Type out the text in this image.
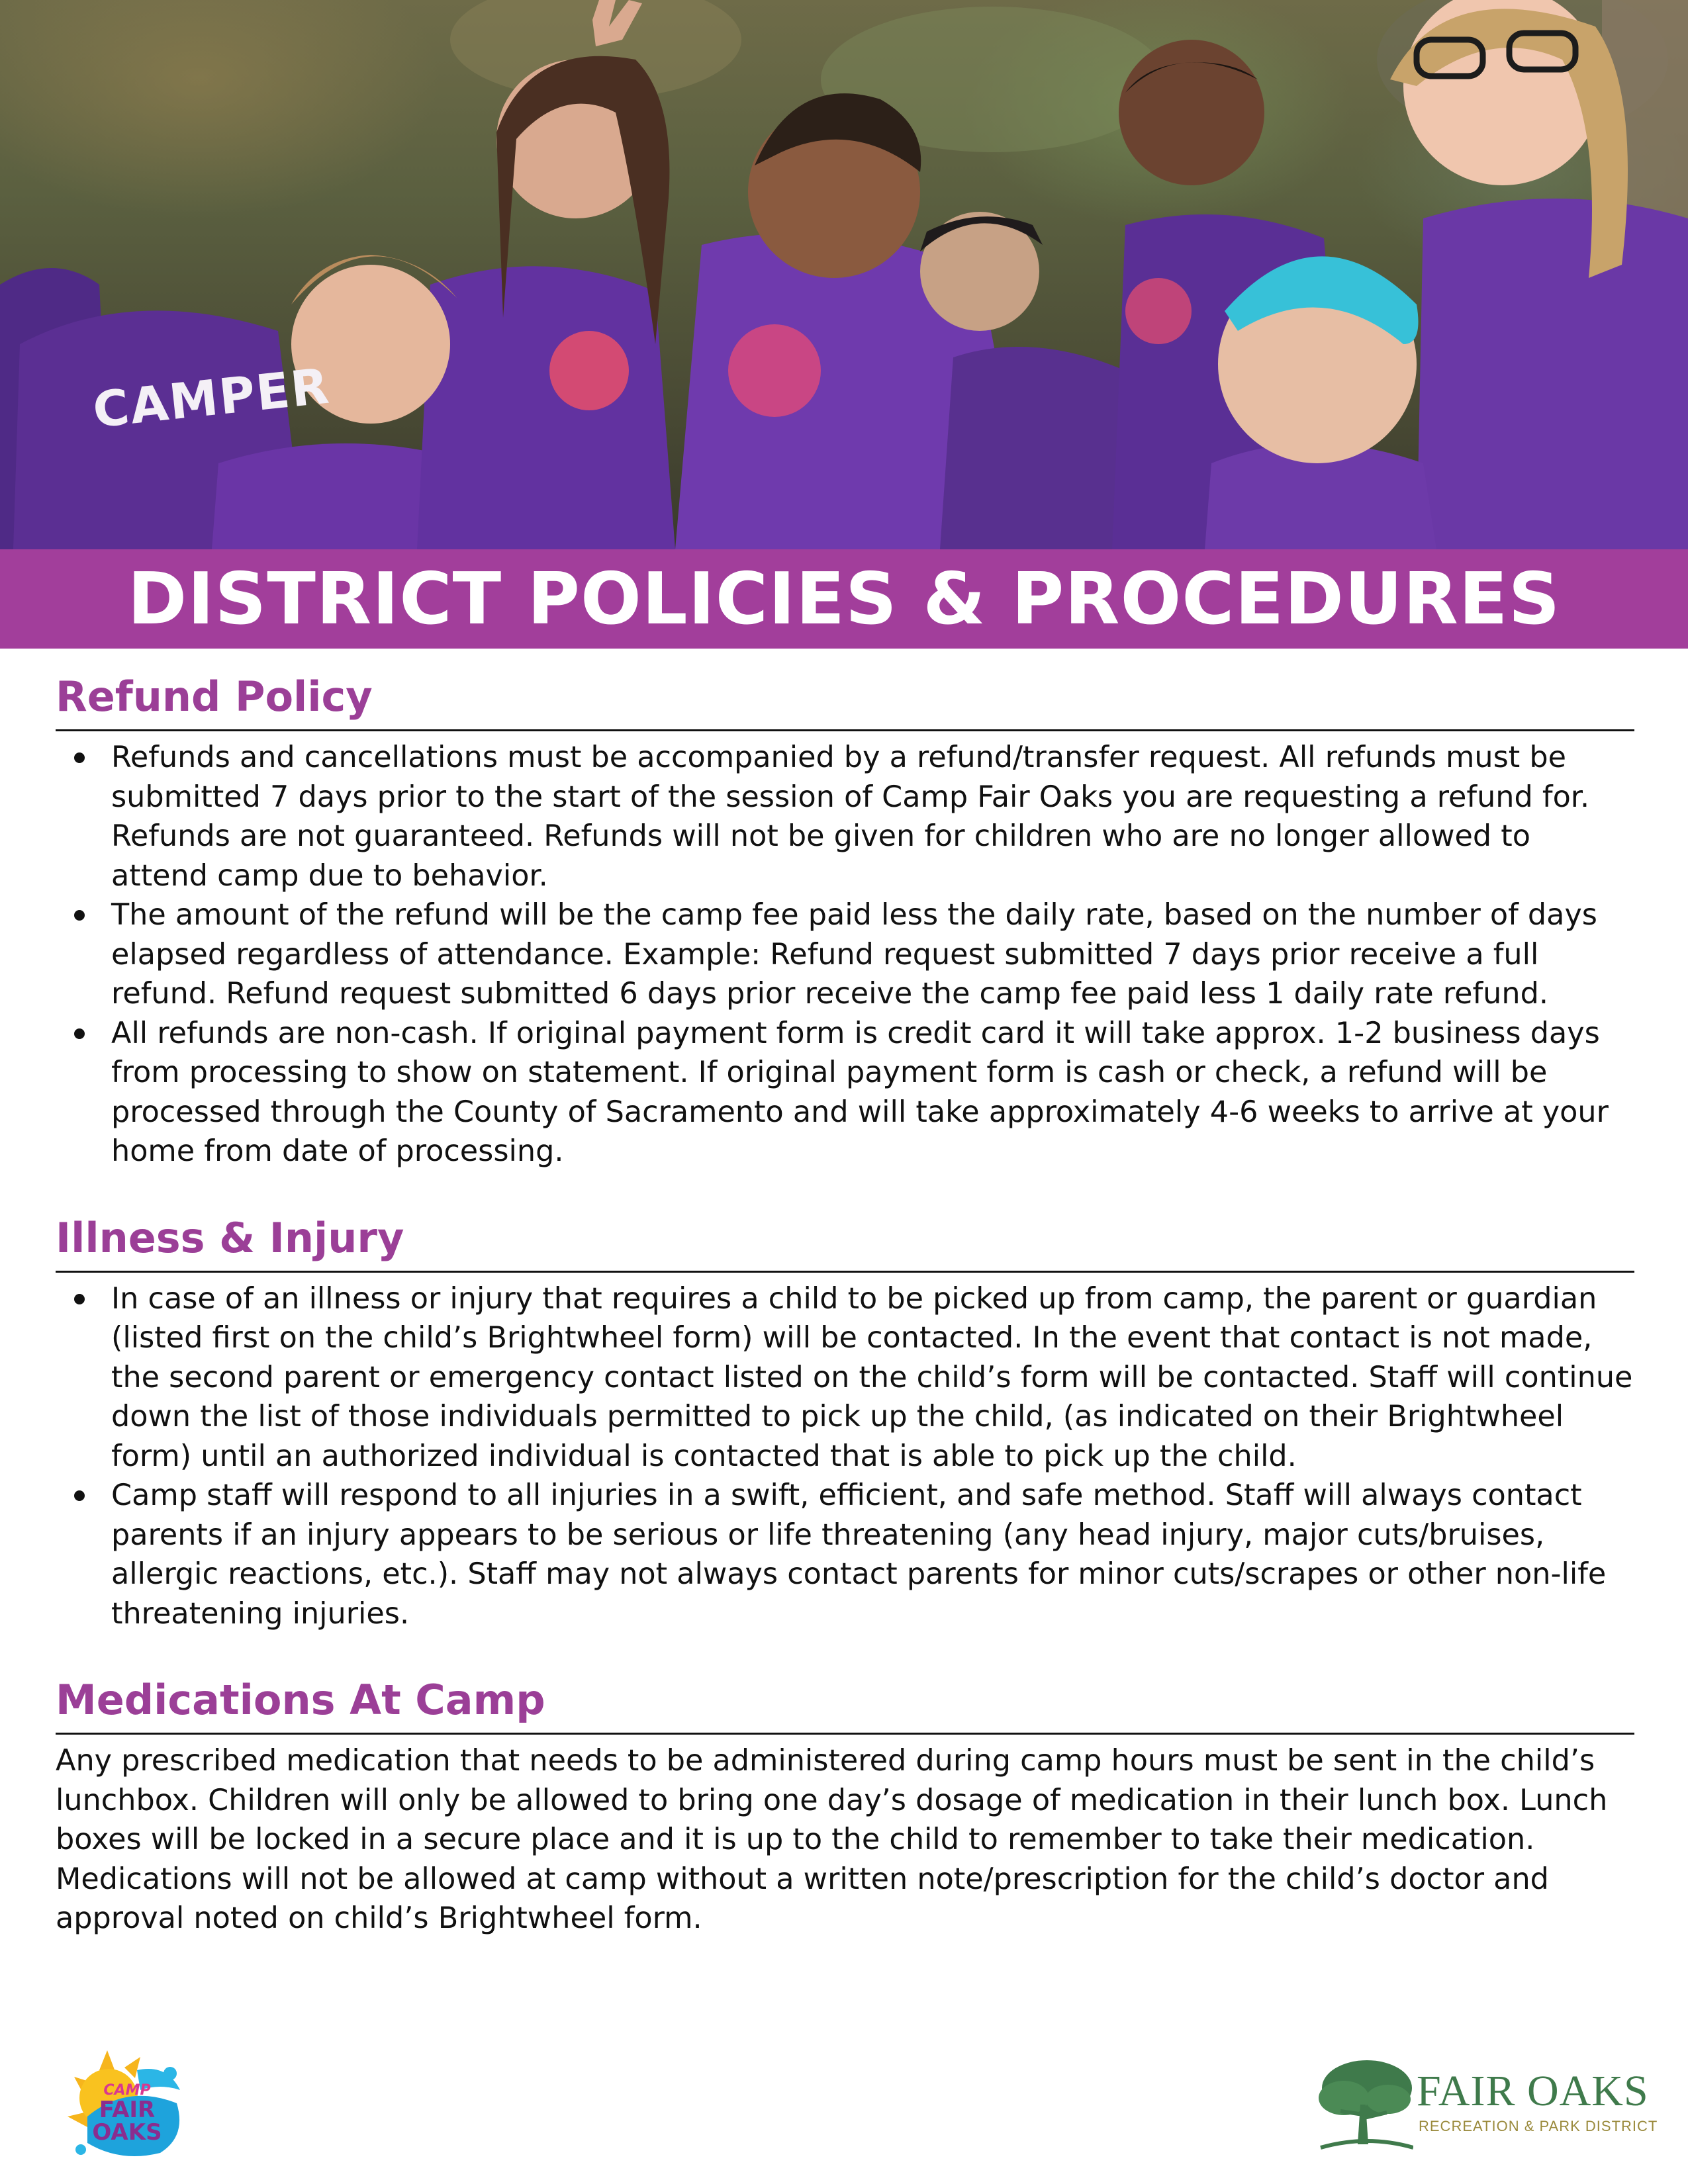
CAMPER
DISTRICT POLICIES & PROCEDURES
Refund Policy
Refunds and cancellations must be accompanied by a refund/transfer request. All refunds must be submitted 7 days prior to the start of the session of Camp Fair Oaks you are requesting a refund for. Refunds are not guaranteed. Refunds will not be given for children who are no longer allowed to attend camp due to behavior.
The amount of the refund will be the camp fee paid less the daily rate, based on the number of days elapsed regardless of attendance. Example: Refund request submitted 7 days prior receive a full refund. Refund request submitted 6 days prior receive the camp fee paid less 1 daily rate refund.
All refunds are non-cash. If original payment form is credit card it will take approx. 1-2 business days from processing to show on statement. If original payment form is cash or check, a refund will be processed through the County of Sacramento and will take approximately 4-6 weeks to arrive at your home from date of processing.
Illness & Injury
In case of an illness or injury that requires a child to be picked up from camp, the parent or guardian (listed first on the child’s Brightwheel form) will be contacted. In the event that contact is not made, the second parent or emergency contact listed on the child’s form will be contacted. Staff will continue down the list of those individuals permitted to pick up the child, (as indicated on their Brightwheel form) until an authorized individual is contacted that is able to pick up the child.
Camp staff will respond to all injuries in a swift, efficient, and safe method. Staff will always contact parents if an injury appears to be serious or life threatening (any head injury, major cuts/bruises, allergic reactions, etc.). Staff may not always contact parents for minor cuts/scrapes or other non-life threatening injuries.
Medications At Camp

Any prescribed medication that needs to be administered during camp hours must be sent in the child’s lunchbox. Children will only be allowed to bring one day’s dosage of medication in their lunch box. Lunch boxes will be locked in a secure place and it is up to the child to remember to take their medication. Medications will not be allowed at camp without a written note/prescription for the child’s doctor and approval noted on child’s Brightwheel form.

CAMP
FAIR
OAKS
FAIR OAKS
RECREATION & PARK DISTRICT
